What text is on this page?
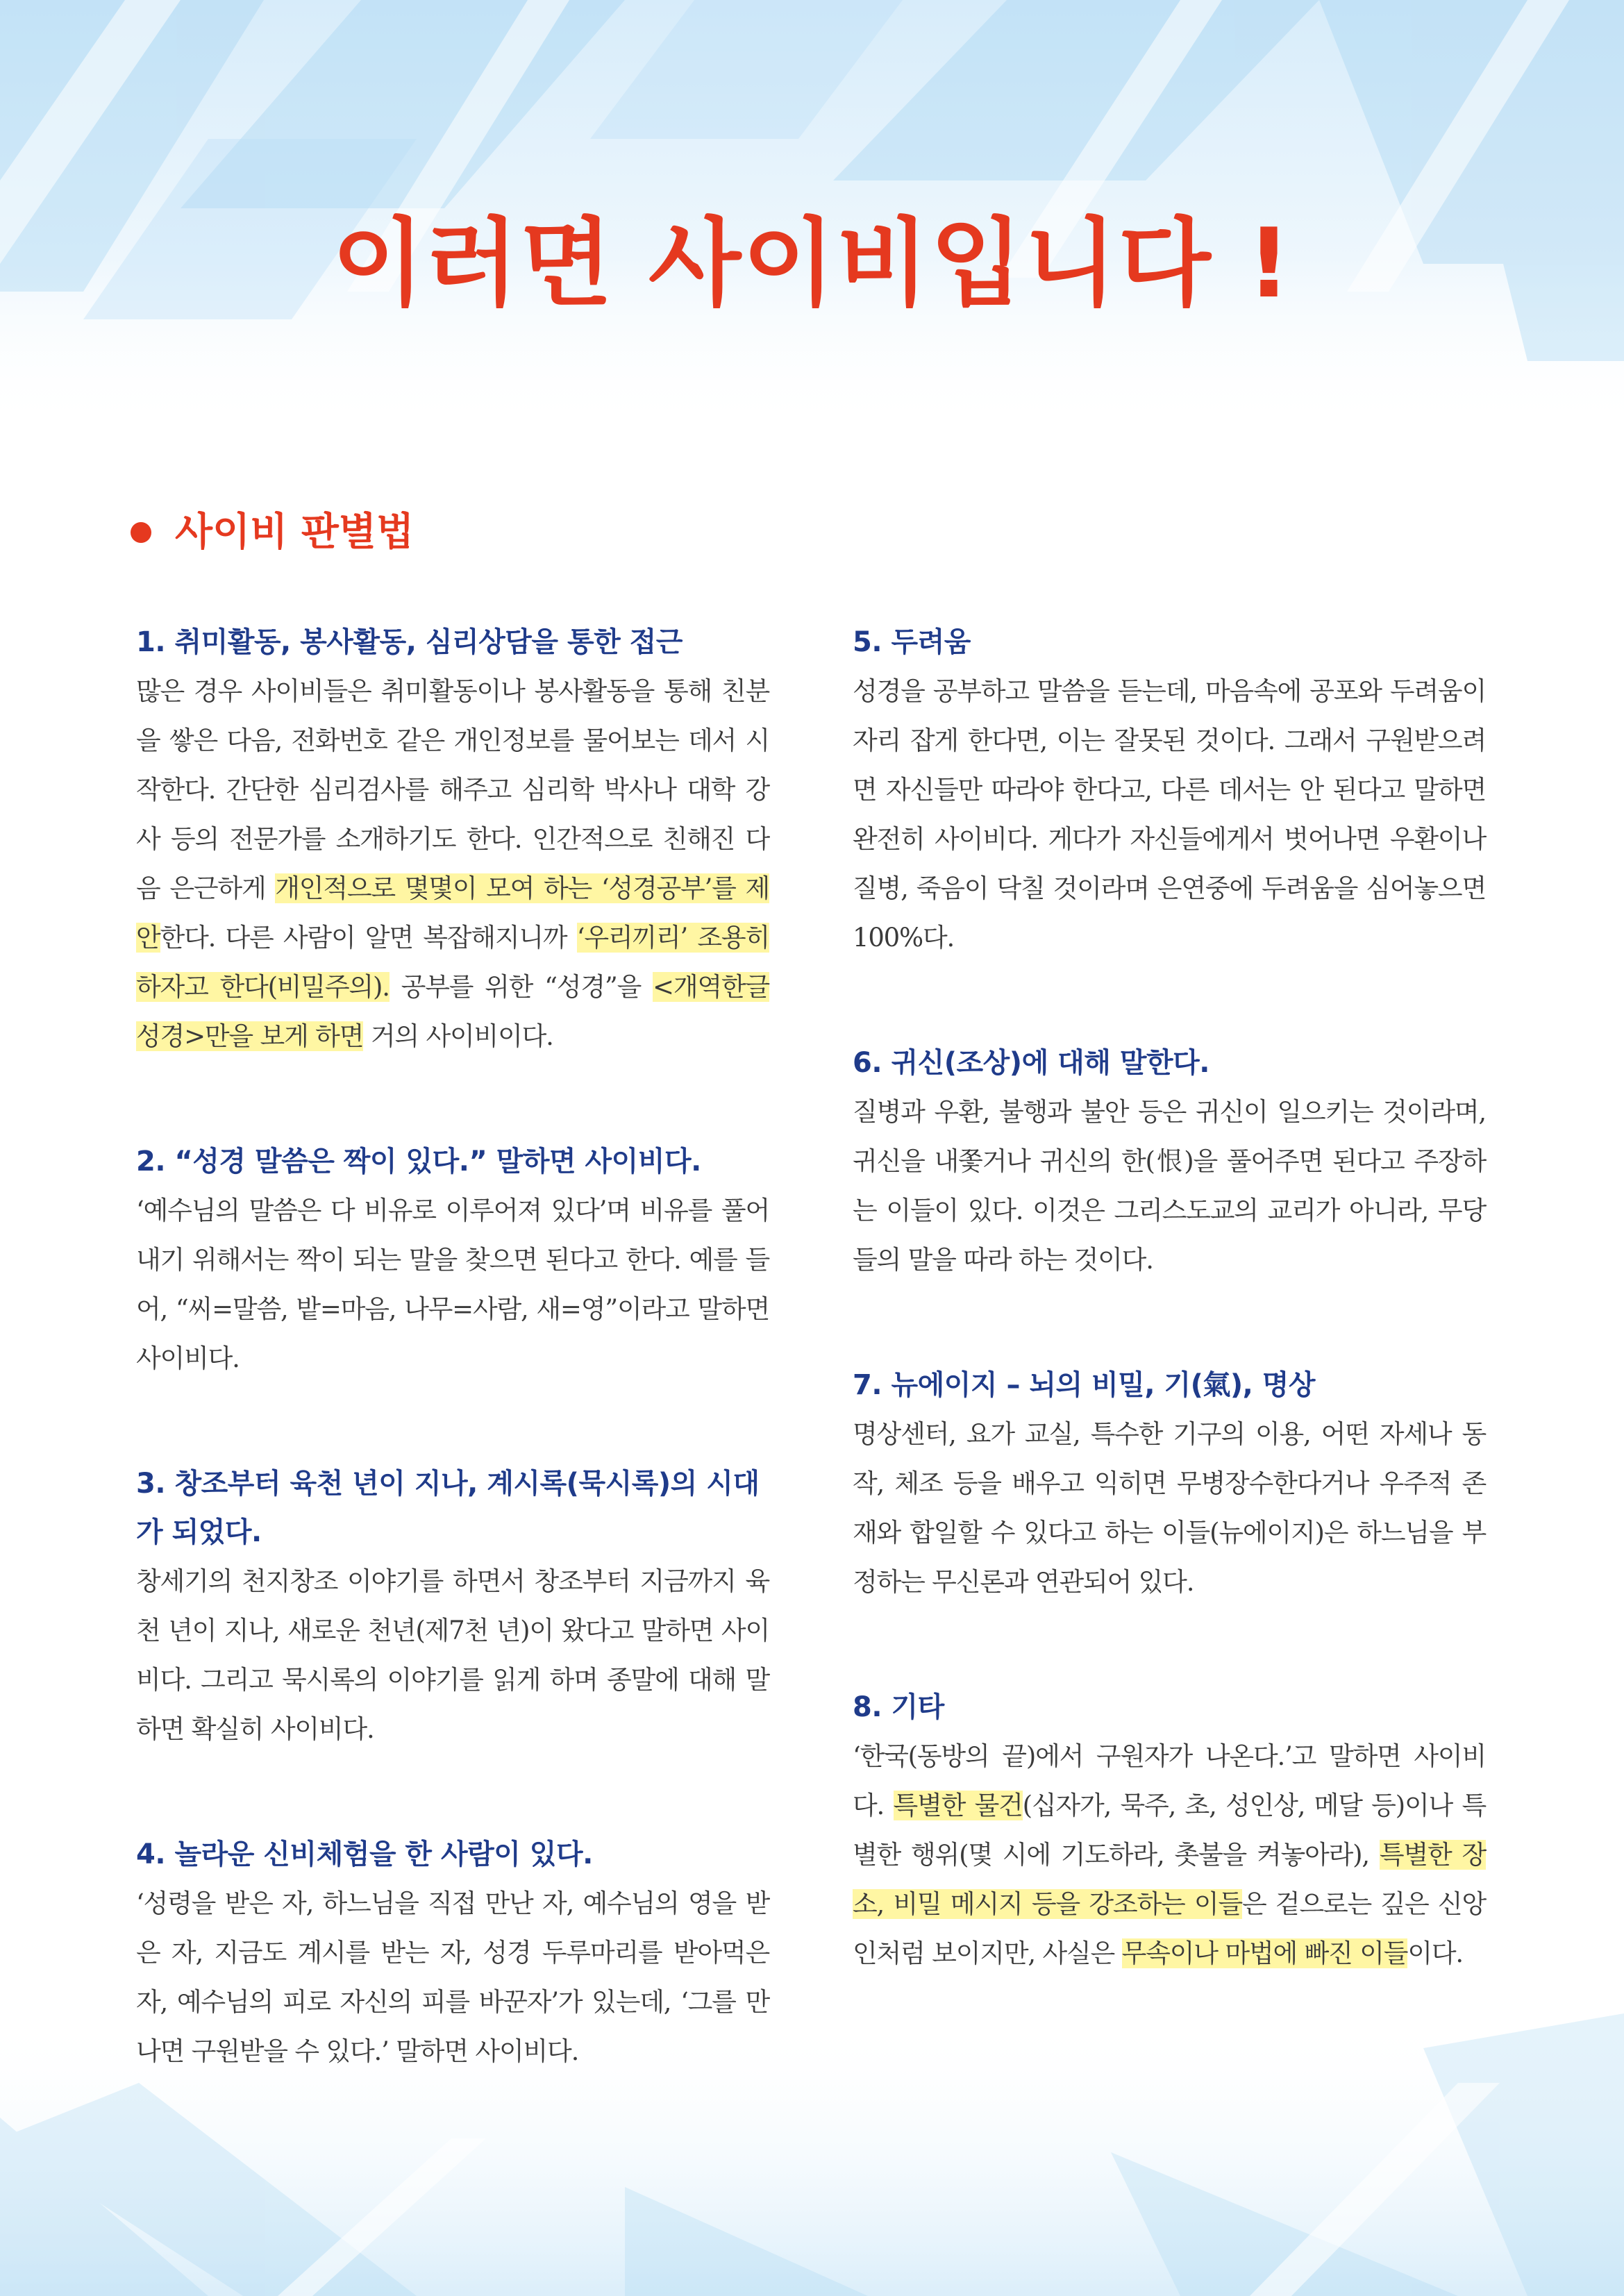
이러면 사이비입니다 !
사이비 판별법
1. 취미활동, 봉사활동, 심리상담을 통한 접근

많은 경우 사이비들은 취미활동이나 봉사활동을 통해 친분을 쌓은 다음, 전화번호 같은 개인정보를 물어보는 데서 시작한다. 간단한 심리검사를 해주고 심리학 박사나 대학 강사 등의 전문가를 소개하기도 한다. 인간적으로 친해진 다음 은근하게 개인적으로 몇몇이 모여 하는 ‘성경공부’를 제안한다. 다른 사람이 알면 복잡해지니까 ‘우리끼리’ 조용히 하자고 한다(비밀주의). 공부를 위한 “성경”을 <개역한글성경>만을 보게 하면 거의 사이비이다.

2. “성경 말씀은 짝이 있다.” 말하면 사이비다.

‘예수님의 말씀은 다 비유로 이루어져 있다’며 비유를 풀어내기 위해서는 짝이 되는 말을 찾으면 된다고 한다. 예를 들어, “씨=말씀, 밭=마음, 나무=사람, 새=영”이라고 말하면 사이비다.

3. 창조부터 육천 년이 지나, 계시록(묵시록)의 시대가 되었다.

창세기의 천지창조 이야기를 하면서 창조부터 지금까지 육천 년이 지나, 새로운 천년(제7천 년)이 왔다고 말하면 사이비다. 그리고 묵시록의 이야기를 읽게 하며 종말에 대해 말하면 확실히 사이비다.

4. 놀라운 신비체험을 한 사람이 있다.

‘성령을 받은 자, 하느님을 직접 만난 자, 예수님의 영을 받은 자, 지금도 계시를 받는 자, 성경 두루마리를 받아먹은 자, 예수님의 피로 자신의 피를 바꾼자’가 있는데, ‘그를 만나면 구원받을 수 있다.’ 말하면 사이비다.

5. 두려움

성경을 공부하고 말씀을 듣는데, 마음속에 공포와 두려움이 자리 잡게 한다면, 이는 잘못된 것이다. 그래서 구원받으려면 자신들만 따라야 한다고, 다른 데서는 안 된다고 말하면 완전히 사이비다. 게다가 자신들에게서 벗어나면 우환이나 질병, 죽음이 닥칠 것이라며 은연중에 두려움을 심어놓으면 100%다.

6. 귀신(조상)에 대해 말한다.

질병과 우환, 불행과 불안 등은 귀신이 일으키는 것이라며, 귀신을 내쫓거나 귀신의 한(恨)을 풀어주면 된다고 주장하는 이들이 있다. 이것은 그리스도교의 교리가 아니라, 무당들의 말을 따라 하는 것이다.

7. 뉴에이지 – 뇌의 비밀, 기(氣), 명상

명상센터, 요가 교실, 특수한 기구의 이용, 어떤 자세나 동작, 체조 등을 배우고 익히면 무병장수한다거나 우주적 존재와 합일할 수 있다고 하는 이들(뉴에이지)은 하느님을 부정하는 무신론과 연관되어 있다.

8. 기타

‘한국(동방의 끝)에서 구원자가 나온다.’고 말하면 사이비다. 특별한 물건(십자가, 묵주, 초, 성인상, 메달 등)이나 특별한 행위(몇 시에 기도하라, 촛불을 켜놓아라), 특별한 장소, 비밀 메시지 등을 강조하는 이들은 겉으로는 깊은 신앙인처럼 보이지만, 사실은 무속이나 마법에 빠진 이들이다.
